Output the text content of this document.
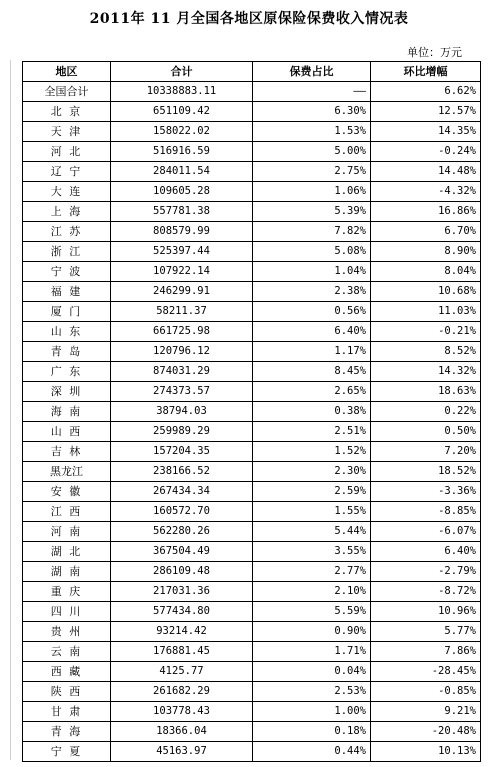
2011年 11 月全国各地区原保险保费收入情况表
单位：万元
地区	合计	保费占比	环比增幅
全国合计	10338883.11	——	6.62%
北 京	651109.42	6.30%	12.57%
天 津	158022.02	1.53%	14.35%
河 北	516916.59	5.00%	-0.24%
辽 宁	284011.54	2.75%	14.48%
大 连	109605.28	1.06%	-4.32%
上 海	557781.38	5.39%	16.86%
江 苏	808579.99	7.82%	6.70%
浙 江	525397.44	5.08%	8.90%
宁 波	107922.14	1.04%	8.04%
福 建	246299.91	2.38%	10.68%
厦 门	58211.37	0.56%	11.03%
山 东	661725.98	6.40%	-0.21%
青 岛	120796.12	1.17%	8.52%
广 东	874031.29	8.45%	14.32%
深 圳	274373.57	2.65%	18.63%
海 南	38794.03	0.38%	0.22%
山 西	259989.29	2.51%	0.50%
吉 林	157204.35	1.52%	7.20%
黑龙江	238166.52	2.30%	18.52%
安 徽	267434.34	2.59%	-3.36%
江 西	160572.70	1.55%	-8.85%
河 南	562280.26	5.44%	-6.07%
湖 北	367504.49	3.55%	6.40%
湖 南	286109.48	2.77%	-2.79%
重 庆	217031.36	2.10%	-8.72%
四 川	577434.80	5.59%	10.96%
贵 州	93214.42	0.90%	5.77%
云 南	176881.45	1.71%	7.86%
西 藏	4125.77	0.04%	-28.45%
陕 西	261682.29	2.53%	-0.85%
甘 肃	103778.43	1.00%	9.21%
青 海	18366.04	0.18%	-20.48%
宁 夏	45163.97	0.44%	10.13%
